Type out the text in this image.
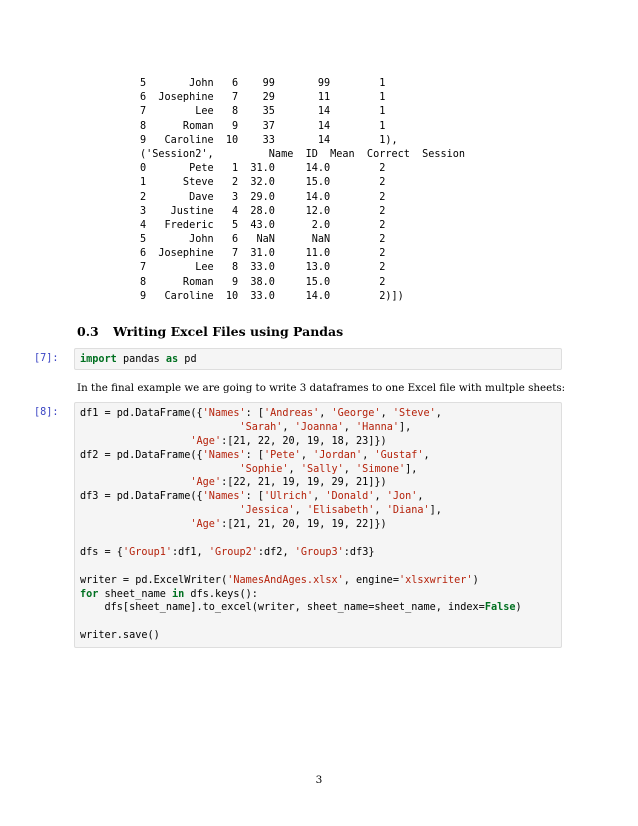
5       John   6    99       99        1
6  Josephine   7    29       11        1
7        Lee   8    35       14        1
8      Roman   9    37       14        1
9   Caroline  10    33       14        1),
('Session2',         Name  ID  Mean  Correct  Session
0       Pete   1  31.0     14.0        2
1      Steve   2  32.0     15.0        2
2       Dave   3  29.0     14.0        2
3    Justine   4  28.0     12.0        2
4   Frederic   5  43.0      2.0        2
5       John   6   NaN      NaN        2
6  Josephine   7  31.0     11.0        2
7        Lee   8  33.0     13.0        2
8      Roman   9  38.0     15.0        2
9   Caroline  10  33.0     14.0        2)])
0.3 Writing Excel Files using Pandas
[7]: import pandas as pd
In the final example we are going to write 3 dataframes to one Excel file with multple sheets:
[8]: df1 = pd.DataFrame({'Names': ['Andreas', 'George', 'Steve',
'Sarah', 'Joanna', 'Hanna'],
'Age':[21, 22, 20, 19, 18, 23]})
df2 = pd.DataFrame({'Names': ['Pete', 'Jordan', 'Gustaf',
'Sophie', 'Sally', 'Simone'],
'Age':[22, 21, 19, 19, 29, 21]})
df3 = pd.DataFrame({'Names': ['Ulrich', 'Donald', 'Jon',
'Jessica', 'Elisabeth', 'Diana'],
'Age':[21, 21, 20, 19, 19, 22]})
dfs = {'Group1':df1, 'Group2':df2, 'Group3':df3}
writer = pd.ExcelWriter('NamesAndAges.xlsx', engine='xlsxwriter')
for sheet_name in dfs.keys():
dfs[sheet_name].to_excel(writer, sheet_name=sheet_name, index=False)
writer.save()
3
